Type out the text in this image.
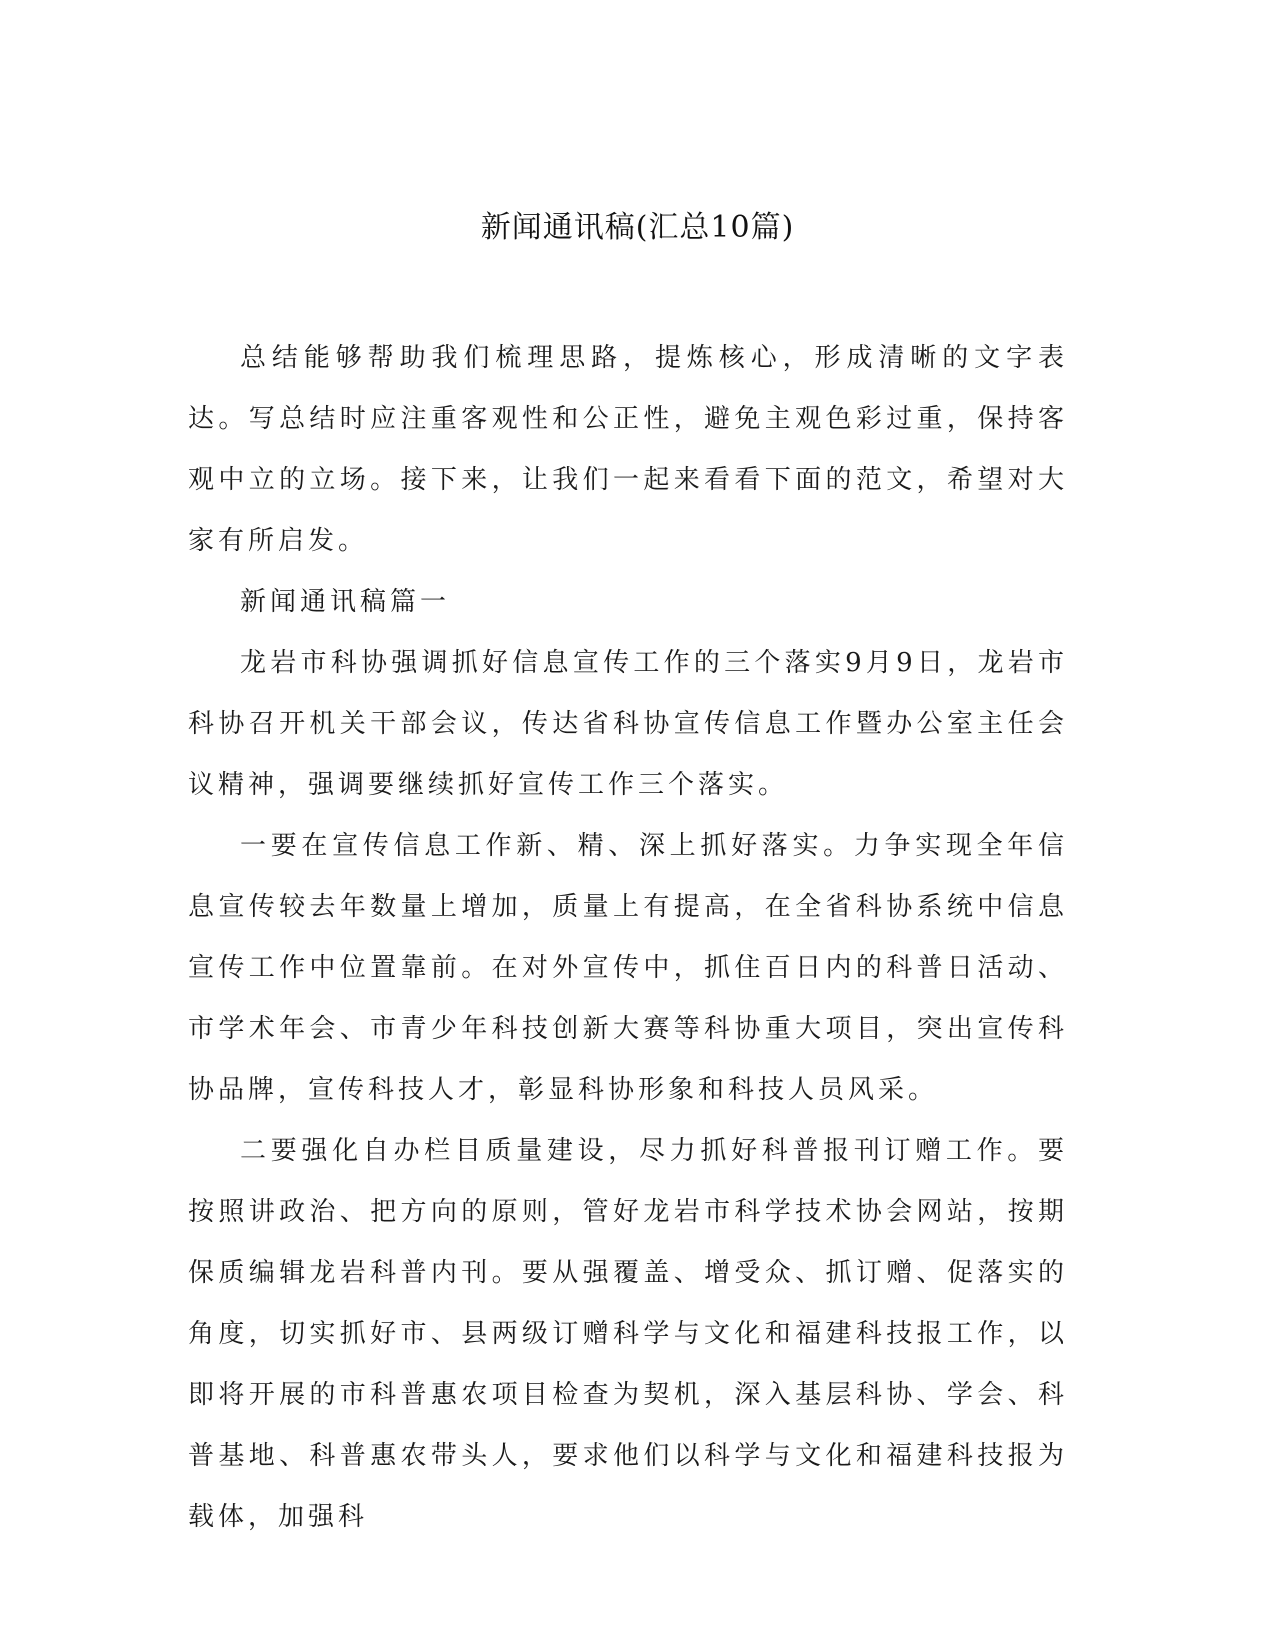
新闻通讯稿(汇总10篇)

总结能够帮助我们梳理思路，提炼核心，形成清晰的文字表达。写总结时应注重客观性和公正性，避免主观色彩过重，保持客观中立的立场。接下来，让我们一起来看看下面的范文，希望对大家有所启发。

新闻通讯稿篇一

龙岩市科协强调抓好信息宣传工作的三个落实9月9日，龙岩市科协召开机关干部会议，传达省科协宣传信息工作暨办公室主任会议精神，强调要继续抓好宣传工作三个落实。

一要在宣传信息工作新、精、深上抓好落实。力争实现全年信息宣传较去年数量上增加，质量上有提高，在全省科协系统中信息宣传工作中位置靠前。在对外宣传中，抓住百日内的科普日活动、市学术年会、市青少年科技创新大赛等科协重大项目，突出宣传科协品牌，宣传科技人才，彰显科协形象和科技人员风采。

二要强化自办栏目质量建设，尽力抓好科普报刊订赠工作。要按照讲政治、把方向的原则，管好龙岩市科学技术协会网站，按期保质编辑龙岩科普内刊。要从强覆盖、增受众、抓订赠、促落实的角度，切实抓好市、县两级订赠科学与文化和福建科技报工作，以即将开展的市科普惠农项目检查为契机，深入基层科协、学会、科普基地、科普惠农带头人，要求他们以科学与文化和福建科技报为载体，加强科
